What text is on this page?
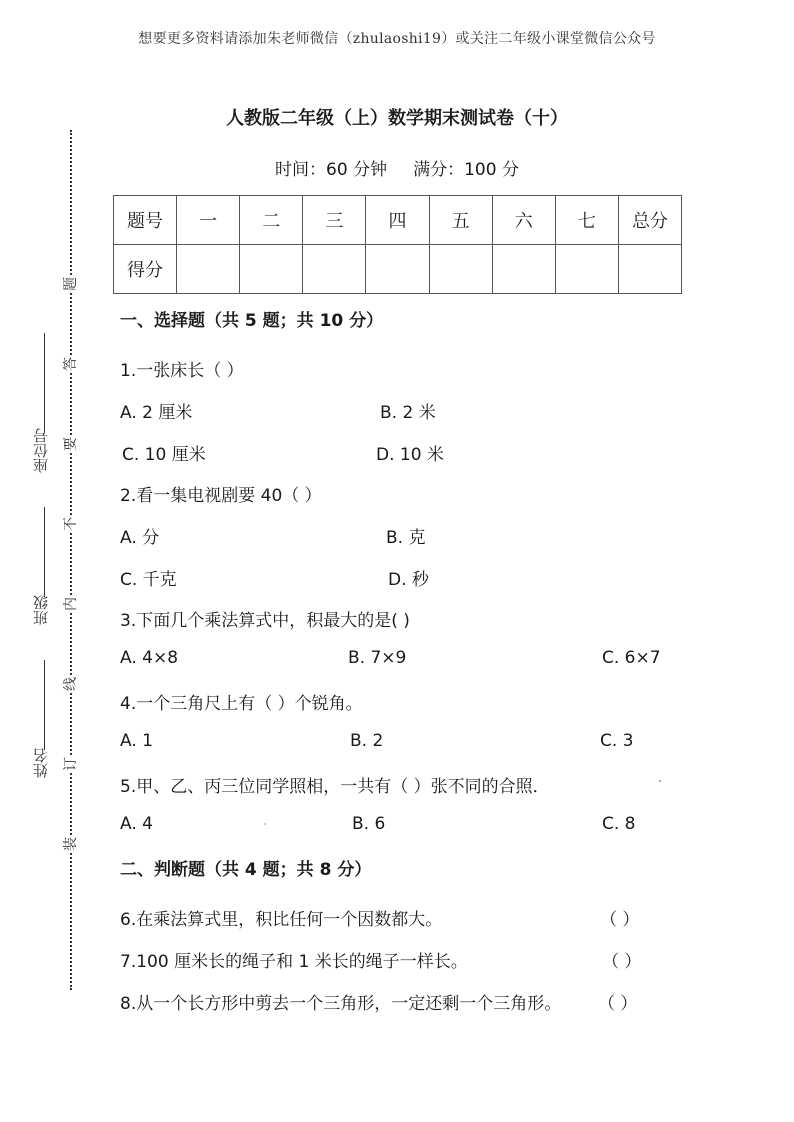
想要更多资料请添加朱老师微信（zhulaoshi19）或关注二年级小课堂微信公众号
座位号
班级
姓名
题
答
要
不
内
线
订
装
人教版二年级（上）数学期末测试卷（十）
时间：60 分钟 满分：100 分
题号	一	二	三	四	五	六	七	总分
得分								
一、选择题（共 5 题；共 10 分）
1.一张床长（ ）
A. 2 厘米	B. 2 米
C. 10 厘米	D. 10 米
2.看一集电视剧要 40（ ）
A. 分	B. 克
C. 千克	D. 秒
3.下面几个乘法算式中，积最大的是( )
A. 4×8	B. 7×9	C. 6×7
4.一个三角尺上有（ ）个锐角。
A. 1	B. 2	C. 3
5.甲、乙、丙三位同学照相，一共有（ ）张不同的合照．
A. 4	B. 6	C. 8
二、判断题（共 4 题；共 8 分）
6.在乘法算式里，积比任何一个因数都大。	（ ）
7.100 厘米长的绳子和 1 米长的绳子一样长。	（ ）
8.从一个长方形中剪去一个三角形，一定还剩一个三角形。 （ ）
